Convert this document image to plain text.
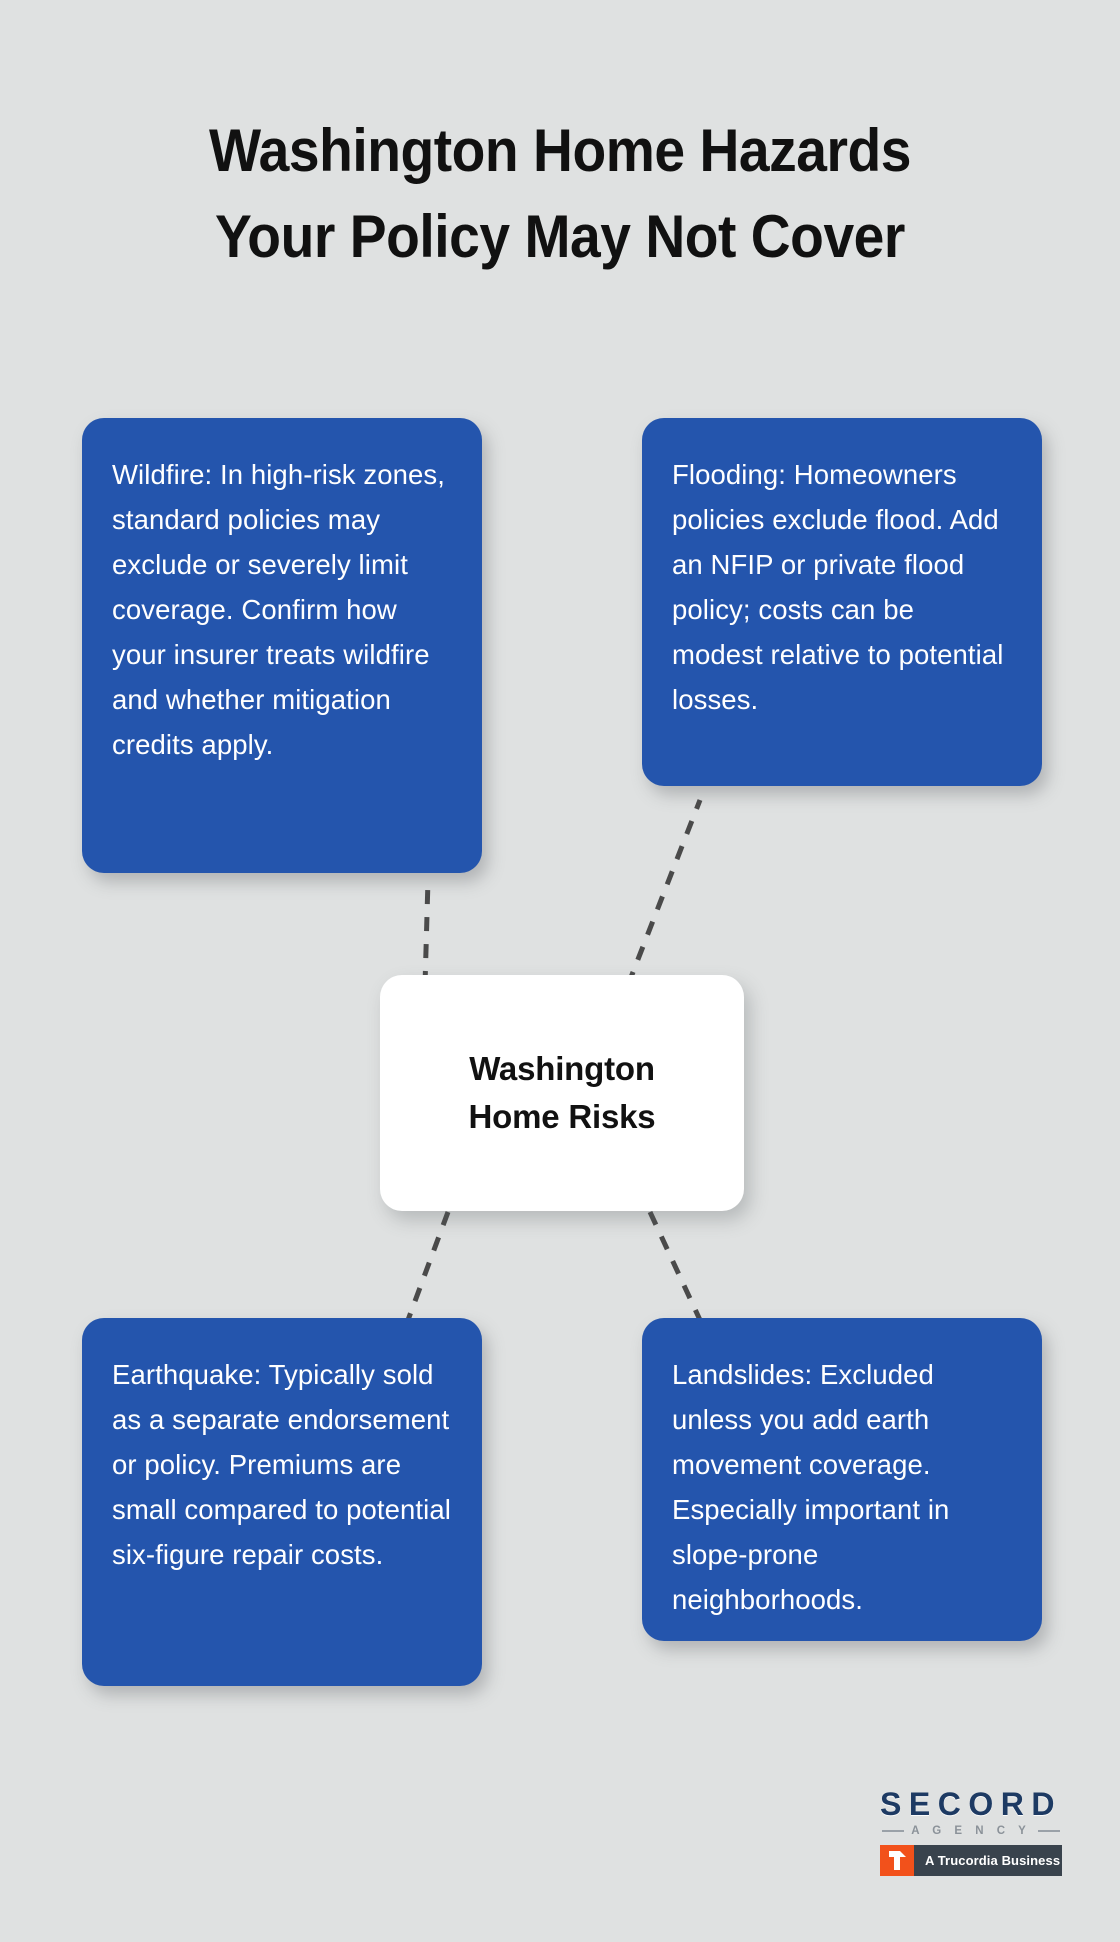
Washington Home Hazards
Your Policy May Not Cover
Wildfire: In high-risk zones, standard policies may exclude or severely limit coverage. Confirm how your insurer treats wildfire and whether mitigation credits apply.
Flooding: Homeowners policies exclude flood. Add an NFIP or private flood policy; costs can be modest relative to potential losses.
Washington
Home Risks
Earthquake: Typically sold as a separate endorsement or policy. Premiums are small compared to potential six-figure repair costs.
Landslides: Excluded unless you add earth movement coverage. Especially important in slope-prone neighborhoods.
SECORD
A G E N C Y
A Trucordia Business
